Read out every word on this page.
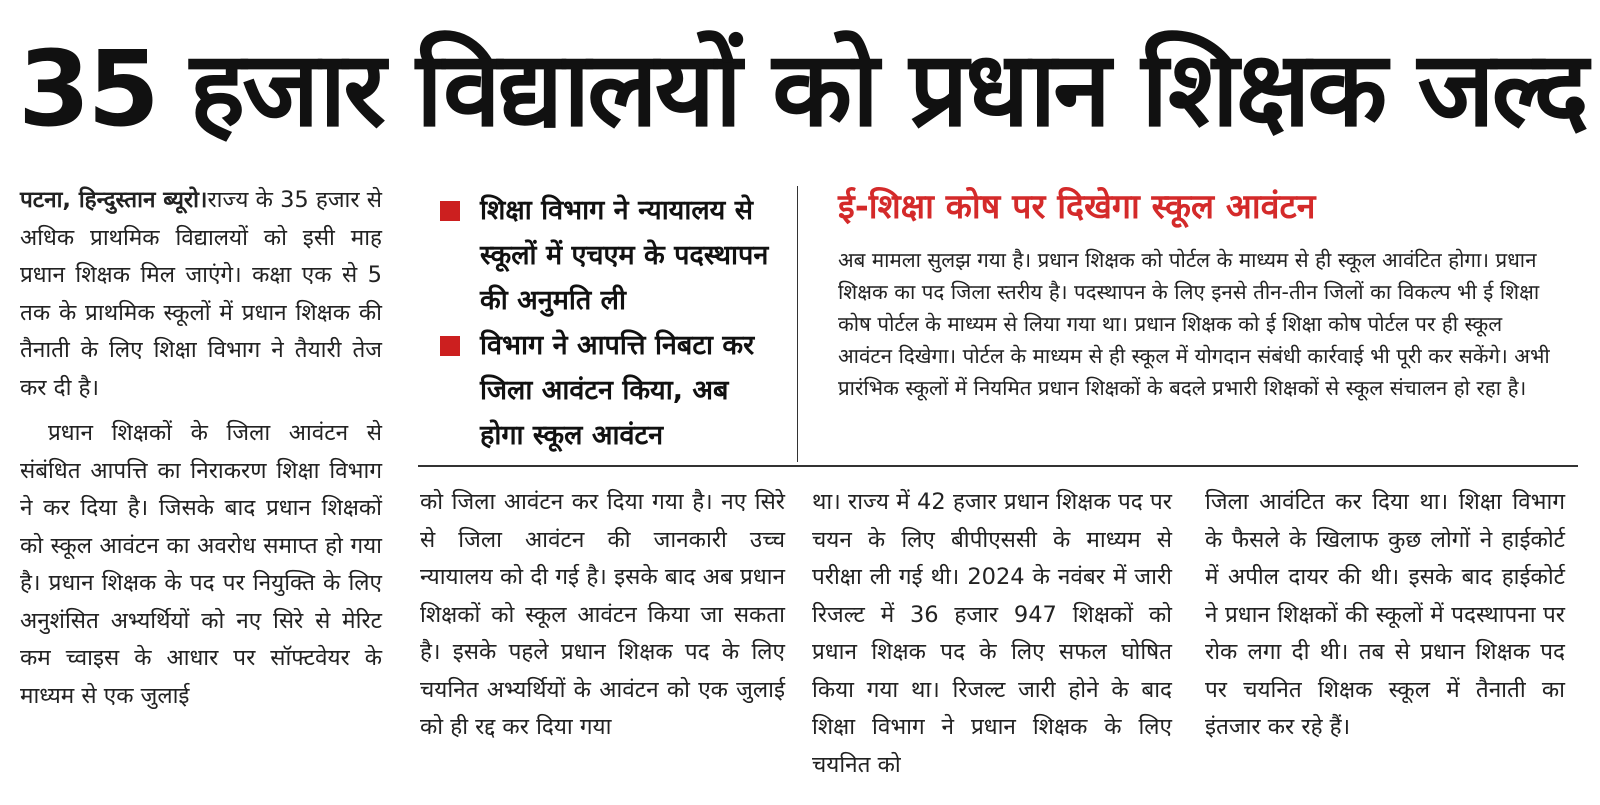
35 हजार विद्यालयों को प्रधान शिक्षक जल्द

पटना, हिन्दुस्तान ब्यूरो।राज्य के 35 हजार से अधिक प्राथमिक विद्यालयों को इसी माह प्रधान शिक्षक मिल जाएंगे। कक्षा एक से 5 तक के प्राथमिक स्कूलों में प्रधान शिक्षक की तैनाती के लिए शिक्षा विभाग ने तैयारी तेज कर दी है।

प्रधान शिक्षकों के जिला आवंटन से संबंधित आपत्ति का निराकरण शिक्षा विभाग ने कर दिया है। जिसके बाद प्रधान शिक्षकों को स्कूल आवंटन का अवरोध समाप्त हो गया है। प्रधान शिक्षक के पद पर नियुक्ति के लिए अनुशंसित अभ्यर्थियों को नए सिरे से मेरिट कम च्वाइस के आधार पर सॉफ्टवेयर के माध्यम से एक जुलाई

शिक्षा विभाग ने न्यायालय से स्कूलों में एचएम के पदस्थापन की अनुमति ली
विभाग ने आपत्ति निबटा कर जिला आवंटन किया, अब होगा स्कूल आवंटन
ई-शिक्षा कोष पर दिखेगा स्कूल आवंटन
अब मामला सुलझ गया है। प्रधान शिक्षक को पोर्टल के माध्यम से ही स्कूल आवंटित होगा। प्रधान शिक्षक का पद जिला स्तरीय है। पदस्थापन के लिए इनसे तीन-तीन जिलों का विकल्प भी ई शिक्षा कोष पोर्टल के माध्यम से लिया गया था। प्रधान शिक्षक को ई शिक्षा कोष पोर्टल पर ही स्कूल आवंटन दिखेगा। पोर्टल के माध्यम से ही स्कूल में योगदान संबंधी कार्रवाई भी पूरी कर सकेंगे। अभी प्रारंभिक स्कूलों में नियमित प्रधान शिक्षकों के बदले प्रभारी शिक्षकों से स्कूल संचालन हो रहा है।
को जिला आवंटन कर दिया गया है। नए सिरे से जिला आवंटन की जानकारी उच्च न्यायालय को दी गई है। इसके बाद अब प्रधान शिक्षकों को स्कूल आवंटन किया जा सकता है। इसके पहले प्रधान शिक्षक पद के लिए चयनित अभ्यर्थियों के आवंटन को एक जुलाई को ही रद्द कर दिया गया
था। राज्य में 42 हजार प्रधान शिक्षक पद पर चयन के लिए बीपीएससी के माध्यम से परीक्षा ली गई थी। 2024 के नवंबर में जारी रिजल्ट में 36 हजार 947 शिक्षकों को प्रधान शिक्षक पद के लिए सफल घोषित किया गया था। रिजल्ट जारी होने के बाद शिक्षा विभाग ने प्रधान शिक्षक के लिए चयनित को
जिला आवंटित कर दिया था। शिक्षा विभाग के फैसले के खिलाफ कुछ लोगों ने हाईकोर्ट में अपील दायर की थी। इसके बाद हाईकोर्ट ने प्रधान शिक्षकों की स्कूलों में पदस्थापना पर रोक लगा दी थी। तब से प्रधान शिक्षक पद पर चयनित शिक्षक स्कूल में तैनाती का इंतजार कर रहे हैं।
